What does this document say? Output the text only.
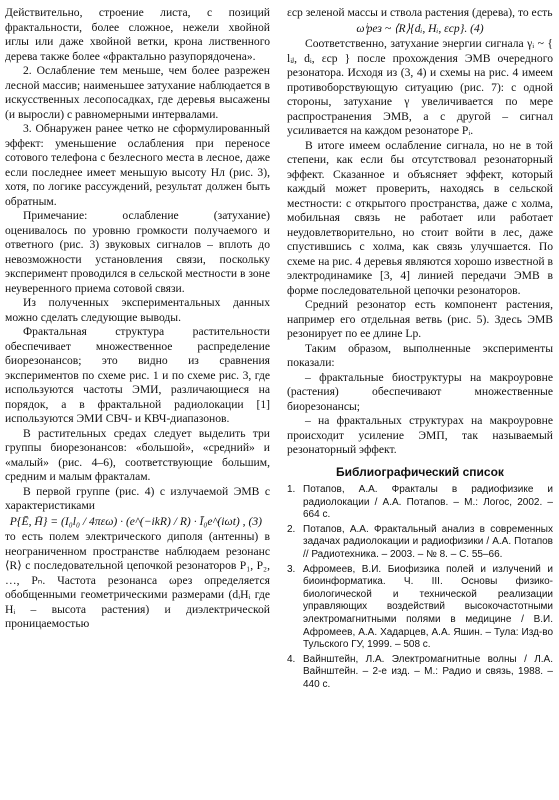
Действительно, строение листа, с позиций фрактальности, более сложное, нежели хвойной иглы или даже хвойной ветки, крона лиственного дерева также более «фрактально разупорядочена».

2. Ослабление тем меньше, чем более разрежен лесной массив; наименьшее затухание наблюдается в искусственных лесопосадках, где деревья высажены (и выросли) с равномерными интервалами.

3. Обнаружен ранее четко не сформулированный эффект: уменьшение ослабления при переносе сотового телефона с безлесного места в лесное, даже если последнее имеет меньшую высоту Hл (рис. 3), хотя, по логике рассуждений, результат должен быть обратным.

Примечание: ослабление (затухание) оценивалось по уровню громкости получаемого и ответного (рис. 3) звуковых сигналов – вплоть до невозможности установления связи, поскольку эксперимент проводился в сельской местности в зоне неуверенного приема сотовой связи.

Из полученных экспериментальных данных можно сделать следующие выводы.

Фрактальная структура растительности обеспечивает множественное распределение биорезонансов; это видно из сравнения экспериментов по схеме рис. 1 и по схеме рис. 3, где используются частоты ЭМИ, различающиеся на порядок, а в фрактальной радиолокации [1] используются ЭМИ СВЧ- и КВЧ-диапазонов.

В растительных средах следует выделить три группы биорезонансов: «большой», «средний» и «малый» (рис. 4–6), соответствующие большим, средним и малым фракталам.

В первой группе (рис. 4) с излучаемой ЭМВ с характеристиками

P{Ē, H̄} = (I₀l₀ / 4πεω) · (e^(−ikR) / R) · Ī₀e^(iωt) , (3)

то есть полем электрического диполя (антенны) в неограниченном пространстве наблюдаем резонанс ⟨R⟩ с последовательной цепочкой резонаторов P₁, P₂, …, Pₙ. Частота резонанса ωрез определяется обобщенными геометрическими размерами (dᵢHᵢ где Hᵢ – высота растения) и диэлектрической проницаемостью

εср зеленой массы и ствола растения (дерева), то есть

ωⁱрез ~ ⟨R⟩{dᵢ, Hᵢ, εср}. (4)

Соответственно, затухание энергии сигнала γᵢ ~ { lᵢⱼ, dᵢ, εср } после прохождения ЭМВ очередного резонатора. Исходя из (3, 4) и схемы на рис. 4 имеем противоборствующую ситуацию (рис. 7): с одной стороны, затухание γ увеличивается по мере распространения ЭМВ, а с другой – сигнал усиливается на каждом резонаторе Pᵢ.

В итоге имеем ослабление сигнала, но не в той степени, как если бы отсутствовал резонаторный эффект. Сказанное и объясняет эффект, который каждый может проверить, находясь в сельской местности: с открытого пространства, даже с холма, мобильная связь не работает или работает неудовлетворительно, но стоит войти в лес, даже спустившись с холма, как связь улучшается. По схеме на рис. 4 деревья являются хорошо известной в электродинамике [3, 4] линией передачи ЭМВ в форме последовательной цепочки резонаторов.

Средний резонатор есть компонент растения, например его отдельная ветвь (рис. 5). Здесь ЭМВ резонирует по ее длине Lр.

Таким образом, выполненные эксперименты показали:

– фрактальные биоструктуры на макроуровне (растения) обеспечивают множественные биорезонансы;

– на фрактальных структурах на макроуровне происходит усиление ЭМП, так называемый резонаторный эффект.

Библиографический список
1. Потапов, А.А. Фракталы в радиофизике и радиолокации / А.А. Потапов. – М.: Логос, 2002. – 664 с.
2. Потапов, А.А. Фрактальный анализ в современных задачах радиолокации и радиофизики / А.А. Потапов // Радиотехника. – 2003. – № 8. – С. 55–66.
3. Афромеев, В.И. Биофизика полей и излучений и биоинформатика. Ч. III. Основы физико-биологической и технической реализации управляющих воздействий высокочастотными электромагнитными полями в медицине / В.И. Афромеев, А.А. Хадарцев, А.А. Яшин. – Тула: Изд-во Тульского ГУ, 1999. – 508 с.
4. Вайнштейн, Л.А. Электромагнитные волны / Л.А. Вайнштейн. – 2-е изд. – М.: Радио и связь, 1988. – 440 с.
